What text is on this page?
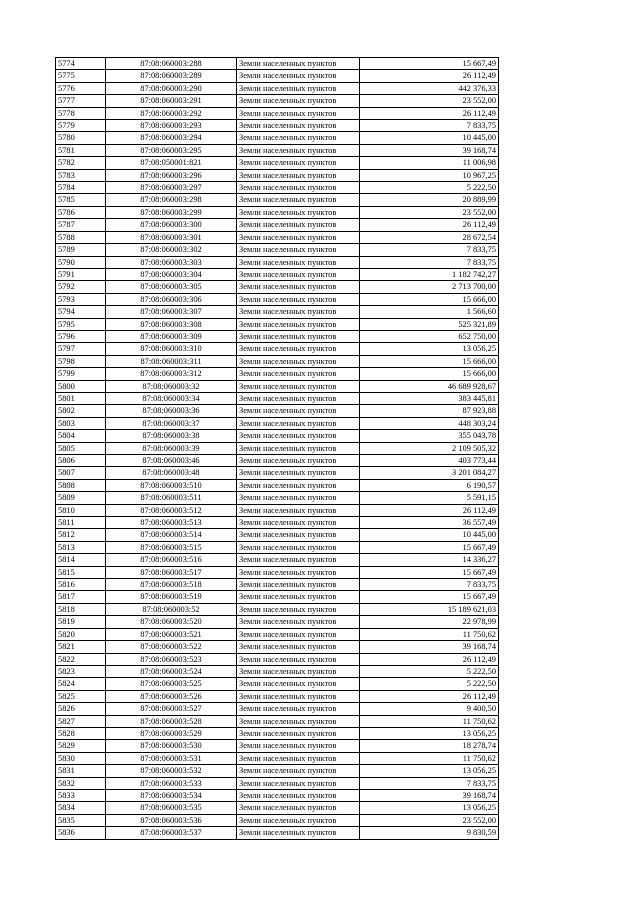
5774	87:08:060003:288	Земли населенных пунктов	15 667,49
5775	87:08:060003:289	Земли населенных пунктов	26 112,49
5776	87:08:060003:290	Земли населенных пунктов	442 376,33
5777	87:08:060003:291	Земли населенных пунктов	23 552,00
5778	87:08:060003:292	Земли населенных пунктов	26 112,49
5779	87:08:060003:293	Земли населенных пунктов	7 833,75
5780	87:08:060003:294	Земли населенных пунктов	10 445,00
5781	87:08:060003:295	Земли населенных пунктов	39 168,74
5782	87:08:050001:821	Земли населенных пунктов	11 006,98
5783	87:08:060003:296	Земли населенных пунктов	10 967,25
5784	87:08:060003:297	Земли населенных пунктов	5 222,50
5785	87:08:060003:298	Земли населенных пунктов	20 889,99
5786	87:08:060003:299	Земли населенных пунктов	23 552,00
5787	87:08:060003:300	Земли населенных пунктов	26 112,49
5788	87:08:060003:301	Земли населенных пунктов	28 672,54
5789	87:08:060003:302	Земли населенных пунктов	7 833,75
5790	87:08:060003:303	Земли населенных пунктов	7 833,75
5791	87:08:060003:304	Земли населенных пунктов	1 182 742,27
5792	87:08:060003:305	Земли населенных пунктов	2 713 700,00
5793	87:08:060003:306	Земли населенных пунктов	15 666,00
5794	87:08:060003:307	Земли населенных пунктов	1 566,60
5795	87:08:060003:308	Земли населенных пунктов	525 321,89
5796	87:08:060003:309	Земли населенных пунктов	652 750,00
5797	87:08:060003:310	Земли населенных пунктов	13 056,25
5798	87:08:060003:311	Земли населенных пунктов	15 666,00
5799	87:08:060003:312	Земли населенных пунктов	15 666,00
5800	87:08:060003:32	Земли населенных пунктов	46 689 928,67
5801	87:08:060003:34	Земли населенных пунктов	383 445,81
5802	87:08:060003:36	Земли населенных пунктов	87 923,88
5803	87:08:060003:37	Земли населенных пунктов	448 303,24
5804	87:08:060003:38	Земли населенных пунктов	355 043,78
5805	87:08:060003:39	Земли населенных пунктов	2 109 505,32
5806	87:08:060003:46	Земли населенных пунктов	403 773,44
5807	87:08:060003:48	Земли населенных пунктов	3 201 084,27
5808	87:08:060003:510	Земли населенных пунктов	6 190,57
5809	87:08:060003:511	Земли населенных пунктов	5 591,15
5810	87:08:060003:512	Земли населенных пунктов	26 112,49
5811	87:08:060003:513	Земли населенных пунктов	36 557,49
5812	87:08:060003:514	Земли населенных пунктов	10 445,00
5813	87:08:060003:515	Земли населенных пунктов	15 667,49
5814	87:08:060003:516	Земли населенных пунктов	14 336,27
5815	87:08:060003:517	Земли населенных пунктов	15 667,49
5816	87:08:060003:518	Земли населенных пунктов	7 833,75
5817	87:08:060003:519	Земли населенных пунктов	15 667,49
5818	87:08:060003:52	Земли населенных пунктов	15 189 621,03
5819	87:08:060003:520	Земли населенных пунктов	22 978,99
5820	87:08:060003:521	Земли населенных пунктов	11 750,62
5821	87:08:060003:522	Земли населенных пунктов	39 168,74
5822	87:08:060003:523	Земли населенных пунктов	26 112,49
5823	87:08:060003:524	Земли населенных пунктов	5 222,50
5824	87:08:060003:525	Земли населенных пунктов	5 222,50
5825	87:08:060003:526	Земли населенных пунктов	26 112,49
5826	87:08:060003:527	Земли населенных пунктов	9 400,50
5827	87:08:060003:528	Земли населенных пунктов	11 750,62
5828	87:08:060003:529	Земли населенных пунктов	13 056,25
5829	87:08:060003:530	Земли населенных пунктов	18 278,74
5830	87:08:060003:531	Земли населенных пунктов	11 750,62
5831	87:08:060003:532	Земли населенных пунктов	13 056,25
5832	87:08:060003:533	Земли населенных пунктов	7 833,75
5833	87:08:060003:534	Земли населенных пунктов	39 168,74
5834	87:08:060003:535	Земли населенных пунктов	13 056,25
5835	87:08:060003:536	Земли населенных пунктов	23 552,00
5836	87:08:060003:537	Земли населенных пунктов	9 830,59
